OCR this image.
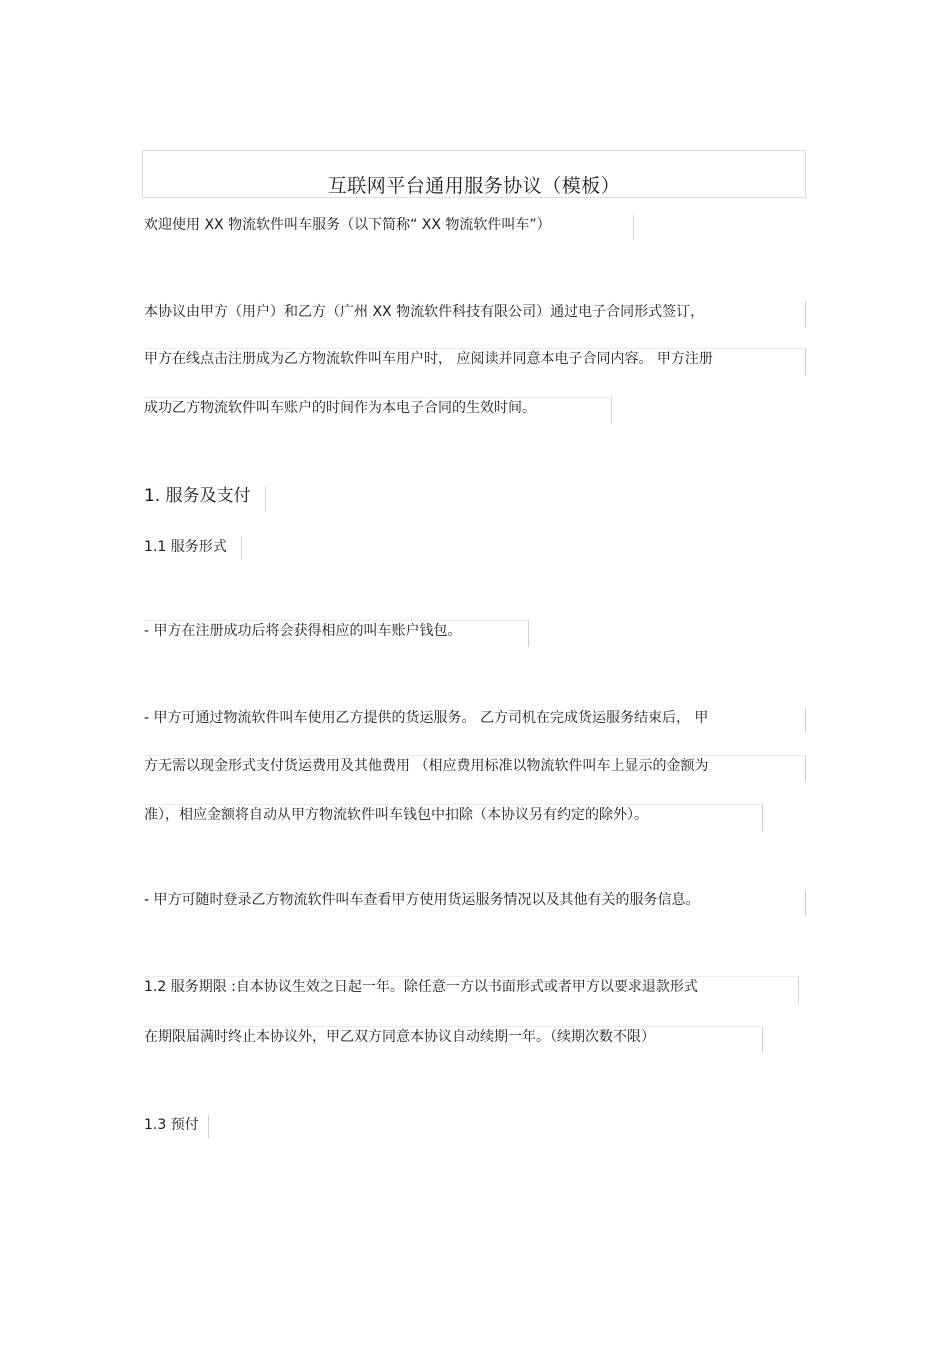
互联网平台通用服务协议（模板）
欢迎使用 XX 物流软件叫车服务（以下简称“ XX 物流软件叫车”）
本协议由甲方（用户）和乙方（广州 XX 物流软件科技有限公司）通过电子合同形式签订，
甲方在线点击注册成为乙方物流软件叫车用户时， 应阅读并同意本电子合同内容。 甲方注册
成功乙方物流软件叫车账户的时间作为本电子合同的生效时间。
1. 服务及支付
1.1 服务形式
- 甲方在注册成功后将会获得相应的叫车账户钱包。
- 甲方可通过物流软件叫车使用乙方提供的货运服务。 乙方司机在完成货运服务结束后， 甲
方无需以现金形式支付货运费用及其他费用 （相应费用标准以物流软件叫车上显示的金额为
准），相应金额将自动从甲方物流软件叫车钱包中扣除（本协议另有约定的除外）。
- 甲方可随时登录乙方物流软件叫车查看甲方使用货运服务情况以及其他有关的服务信息。
1.2 服务期限 :自本协议生效之日起一年。除任意一方以书面形式或者甲方以要求退款形式
在期限届满时终止本协议外，甲乙双方同意本协议自动续期一年。（续期次数不限）
1.3 预付
